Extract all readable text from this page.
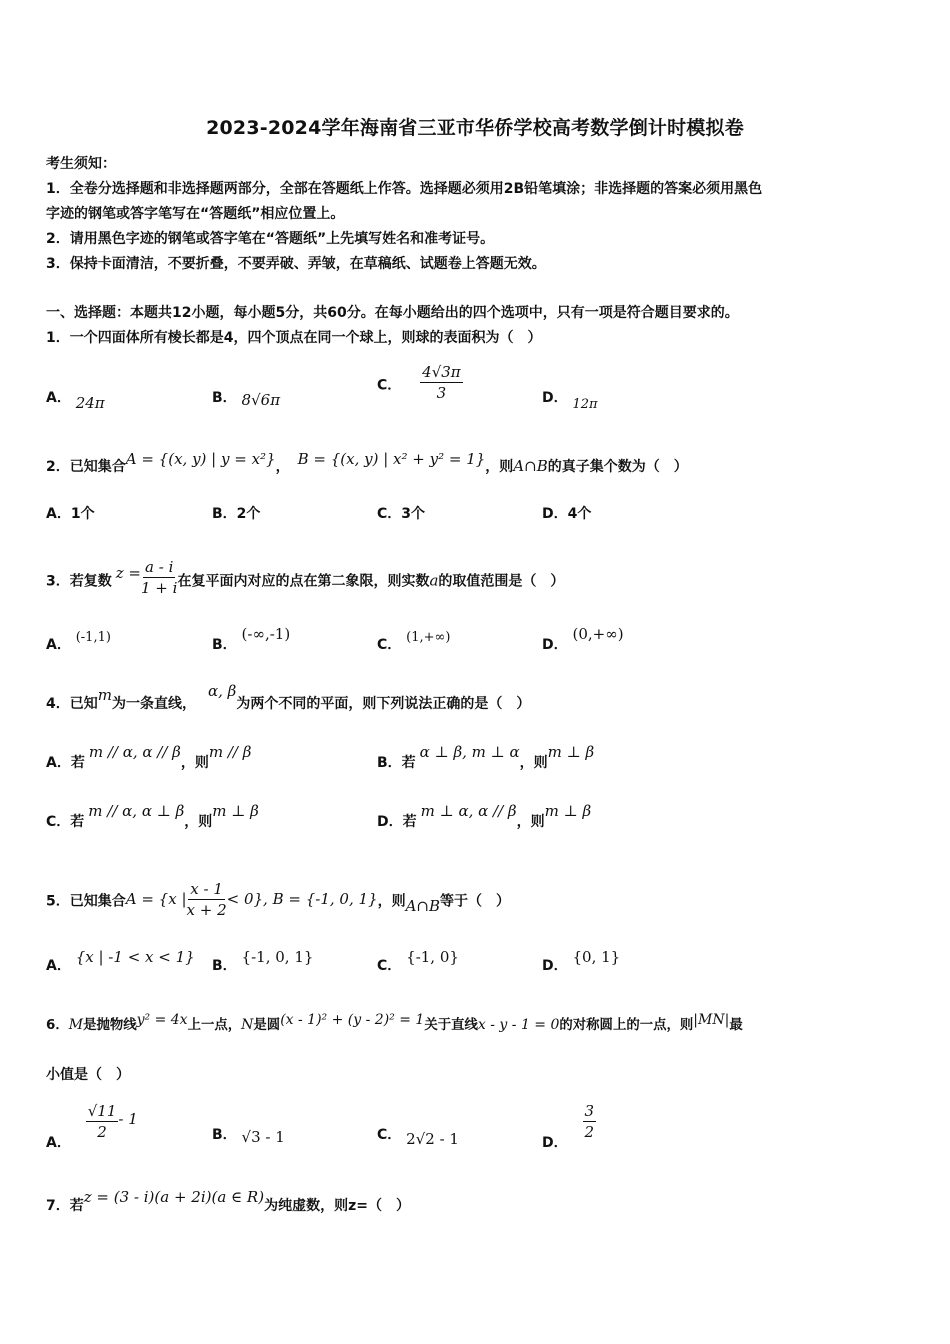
2023-2024学年海南省三亚市华侨学校高考数学倒计时模拟卷
考生须知：
1．全卷分选择题和非选择题两部分，全部在答题纸上作答。选择题必须用2B铅笔填涂；非选择题的答案必须用黑色
字迹的钢笔或答字笔写在“答题纸”相应位置上。
2．请用黑色字迹的钢笔或答字笔在“答题纸”上先填写姓名和准考证号。
3．保持卡面清洁，不要折叠，不要弄破、弄皱，在草稿纸、试题卷上答题无效。
一、选择题：本题共12小题，每小题5分，共60分。在每小题给出的四个选项中，只有一项是符合题目要求的。
1．一个四面体所有棱长都是4，四个顶点在同一个球上，则球的表面积为（　）
A． 24π	B． 8√6π
C． $\frac{4√3\pi}{3}$	D． 12π
2．已知集合A = {(x, y) | y = x²}， B = {(x, y) | x² + y² = 1}，则A∩B的真子集个数为（　）
A．1个	B．2个	C．3个	D．4个
3．若复数 $z = \frac{a - i}{1 + i}$ 在复平面内对应的点在第二象限，则实数a的取值范围是（　）
A． (-1,1)	B． (-∞,-1)
C． (1,+∞)	D． (0,+∞)
4．已知m为一条直线，α, β为两个不同的平面，则下列说法正确的是（　）
A．若m // α, α // β，则m // β
B．若α ⊥ β, m ⊥ α，则m ⊥ β
C．若m // α, α ⊥ β，则m ⊥ β
D．若m ⊥ α, α // β，则m ⊥ β
5．已知集合A = {x | $\frac{x - 1}{x + 2} < 0$}, B = {-1, 0, 1}，则A∩B等于（　）
A． {x | -1 < x < 1} B． {-1, 0, 1}	C． {-1, 0}	D． {0, 1}
6．M是抛物线y² = 4x上一点，N是圆(x - 1)² + (y - 2)² = 1关于直线x - y - 1 = 0的对称圆上的一点，则|MN|最
小值是（　）
A．
$\frac{√11}{2} - 1$
B． √3 - 1	C． 2√2 - 1	D．
$\frac{3}{2}$
7．若z = (3 - i)(a + 2i)(a ∈ R)为纯虚数，则z=（　）
